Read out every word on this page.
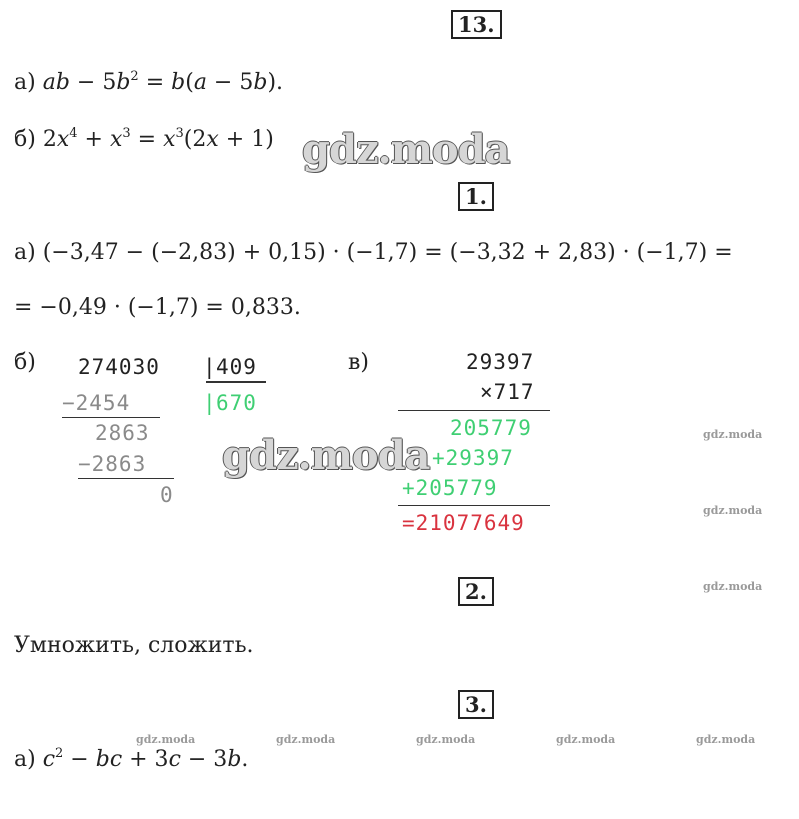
13.
а) ab − $5b^2 = b(a - 5b)$.
б) $2x^4 + x^3 = x^3(2x + 1)$
1.
а) (−3,47 − (−2,83) + 0,15) · (−1,7) = (−3,32 + 2,83) · (−1,7) =
= −0,49 · (−1,7) = 0,833.
б) 274030 | 409
| 670
−2454
2863
−2863
0
в)	29397
×717
205779
+29397
+205779
=21077649
2.
Умножить, сложить.
3.
а) $c^2$ − bc + 3c − 3b.
gdz.moda
gdz.moda	gdz.moda
gdz.moda
gdz.moda
gdz.moda	gdz.moda	gdz.moda	gdz.moda	gdz.moda
